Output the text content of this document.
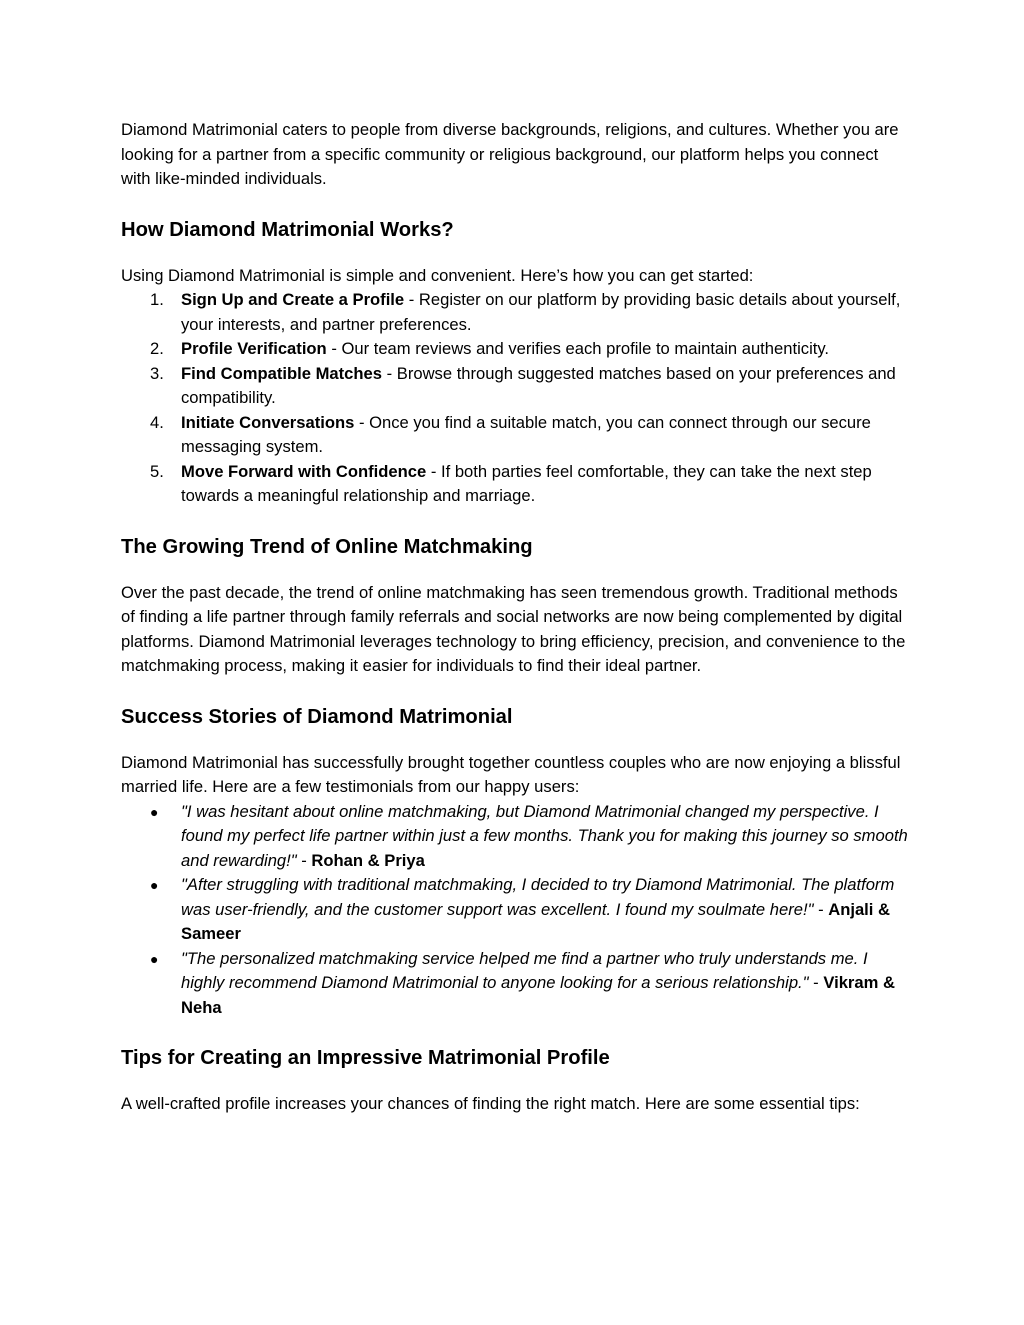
Diamond Matrimonial caters to people from diverse backgrounds, religions, and cultures. Whether you are looking for a partner from a specific community or religious background, our platform helps you connect with like-minded individuals.

How Diamond Matrimonial Works?

Using Diamond Matrimonial is simple and convenient. Here’s how you can get started:

1. Sign Up and Create a Profile - Register on our platform by providing basic details about yourself, your interests, and partner preferences.
2. Profile Verification - Our team reviews and verifies each profile to maintain authenticity.
3. Find Compatible Matches - Browse through suggested matches based on your preferences and compatibility.
4. Initiate Conversations - Once you find a suitable match, you can connect through our secure messaging system.
5. Move Forward with Confidence - If both parties feel comfortable, they can take the next step towards a meaningful relationship and marriage.
The Growing Trend of Online Matchmaking

Over the past decade, the trend of online matchmaking has seen tremendous growth. Traditional methods of finding a life partner through family referrals and social networks are now being complemented by digital platforms. Diamond Matrimonial leverages technology to bring efficiency, precision, and convenience to the matchmaking process, making it easier for individuals to find their ideal partner.

Success Stories of Diamond Matrimonial

Diamond Matrimonial has successfully brought together countless couples who are now enjoying a blissful married life. Here are a few testimonials from our happy users:

● "I was hesitant about online matchmaking, but Diamond Matrimonial changed my perspective. I found my perfect life partner within just a few months. Thank you for making this journey so smooth and rewarding!" - Rohan & Priya
● "After struggling with traditional matchmaking, I decided to try Diamond Matrimonial. The platform was user-friendly, and the customer support was excellent. I found my soulmate here!" - Anjali & Sameer
● "The personalized matchmaking service helped me find a partner who truly understands me. I highly recommend Diamond Matrimonial to anyone looking for a serious relationship." - Vikram & Neha
Tips for Creating an Impressive Matrimonial Profile

A well-crafted profile increases your chances of finding the right match. Here are some essential tips:
